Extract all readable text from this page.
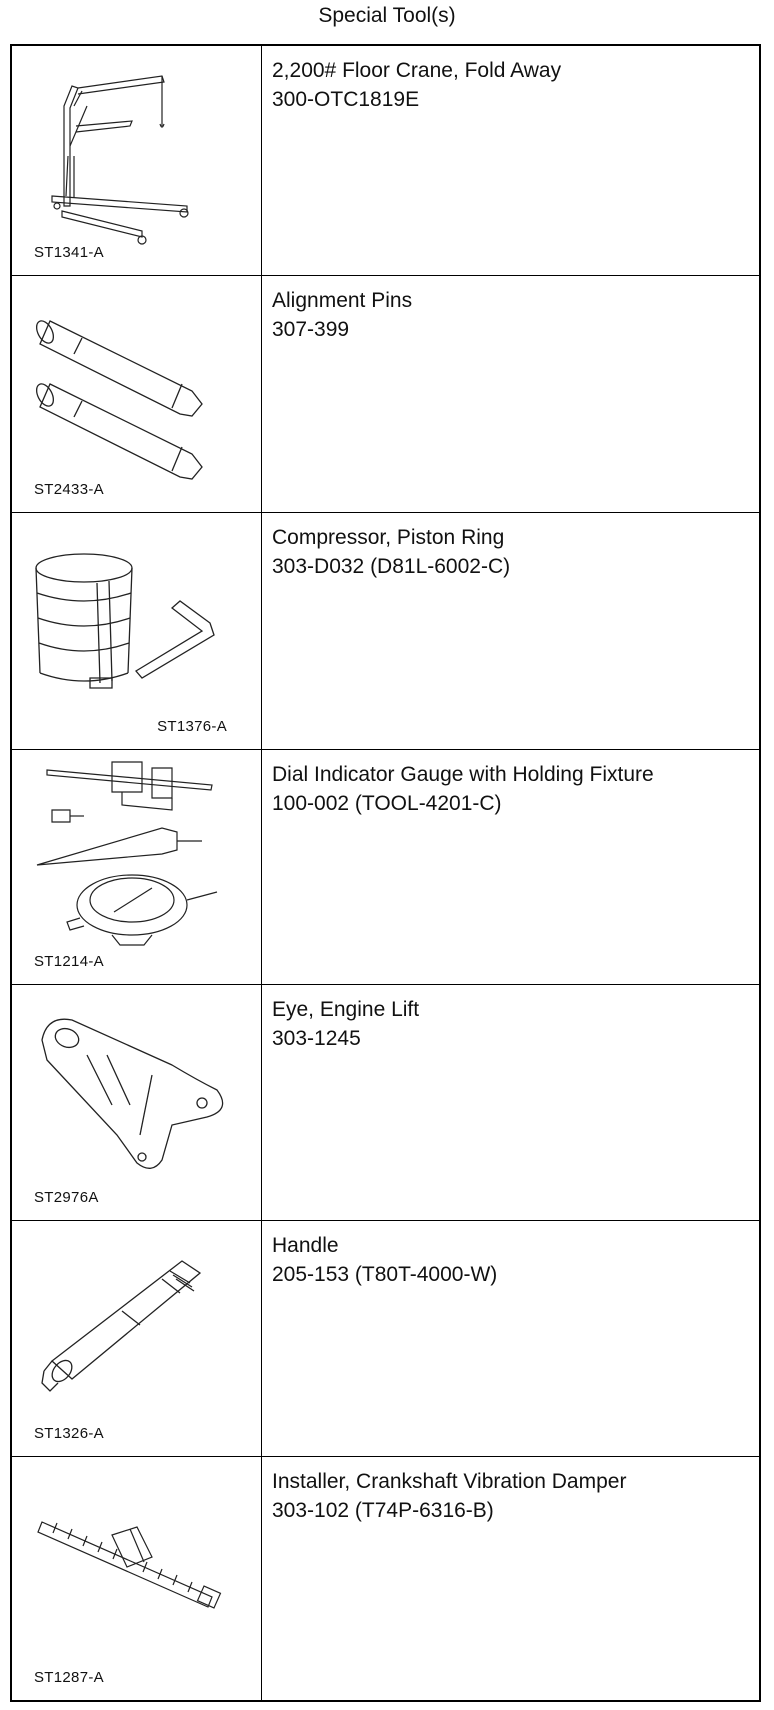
Special Tool(s)
ST1341-A
2,200# Floor Crane, Fold Away
300-OTC1819E
ST2433-A
Alignment Pins
307-399
ST1376-A
Compressor, Piston Ring
303-D032 (D81L-6002-C)
ST1214-A
Dial Indicator Gauge with Holding Fixture
100-002 (TOOL-4201-C)
ST2976A
Eye, Engine Lift
303-1245
ST1326-A
Handle
205-153 (T80T-4000-W)
ST1287-A
Installer, Crankshaft Vibration Damper
303-102 (T74P-6316-B)
